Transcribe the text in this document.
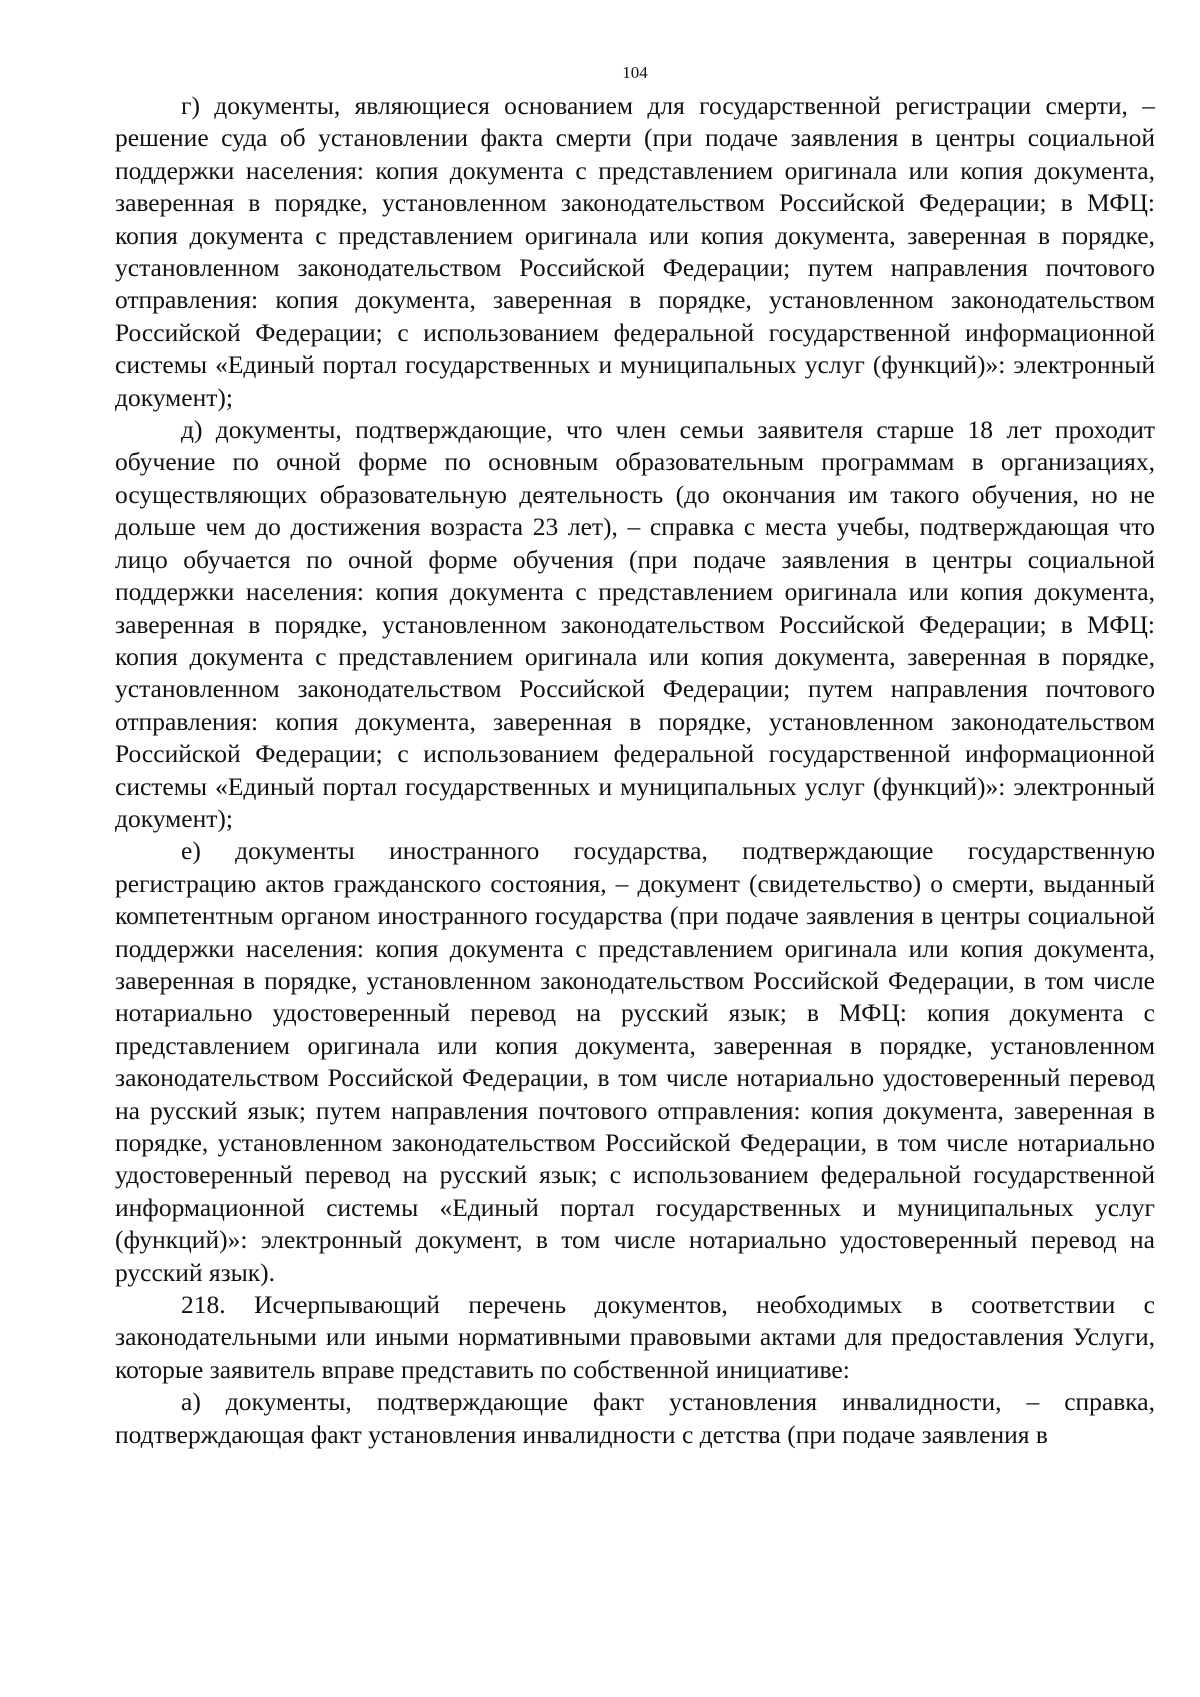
104

г) документы, являющиеся основанием для государственной регистрации смерти, – решение суда об установлении факта смерти (при подаче заявления в центры социальной поддержки населения: копия документа с представлением оригинала или копия документа, заверенная в порядке, установленном законодательством Российской Федерации; в МФЦ: копия документа с представлением оригинала или копия документа, заверенная в порядке, установленном законодательством Российской Федерации; путем направления почтового отправления: копия документа, заверенная в порядке, установленном законодательством Российской Федерации; с использованием федеральной государственной информационной системы «Единый портал государственных и муниципальных услуг (функций)»: электронный документ);

д) документы, подтверждающие, что член семьи заявителя старше 18 лет проходит обучение по очной форме по основным образовательным программам в организациях, осуществляющих образовательную деятельность (до окончания им такого обучения, но не дольше чем до достижения возраста 23 лет), – справка с места учебы, подтверждающая что лицо обучается по очной форме обучения (при подаче заявления в центры социальной поддержки населения: копия документа с представлением оригинала или копия документа, заверенная в порядке, установленном законодательством Российской Федерации; в МФЦ: копия документа с представлением оригинала или копия документа, заверенная в порядке, установленном законодательством Российской Федерации; путем направления почтового отправления: копия документа, заверенная в порядке, установленном законодательством Российской Федерации; с использованием федеральной государственной информационной системы «Единый портал государственных и муниципальных услуг (функций)»: электронный документ);

е) документы иностранного государства, подтверждающие государственную регистрацию актов гражданского состояния, – документ (свидетельство) о смерти, выданный компетентным органом иностранного государства (при подаче заявления в центры социальной поддержки населения: копия документа с представлением оригинала или копия документа, заверенная в порядке, установленном законодательством Российской Федерации, в том числе нотариально удостоверенный перевод на русский язык; в МФЦ: копия документа с представлением оригинала или копия документа, заверенная в порядке, установленном законодательством Российской Федерации, в том числе нотариально удостоверенный перевод на русский язык; путем направления почтового отправления: копия документа, заверенная в порядке, установленном законодательством Российской Федерации, в том числе нотариально удостоверенный перевод на русский язык; с использованием федеральной государственной информационной системы «Единый портал государственных и муниципальных услуг (функций)»: электронный документ, в том числе нотариально удостоверенный перевод на русский язык).

218. Исчерпывающий перечень документов, необходимых в соответствии с законодательными или иными нормативными правовыми актами для предоставления Услуги, которые заявитель вправе представить по собственной инициативе:

а) документы, подтверждающие факт установления инвалидности, – справка, подтверждающая факт установления инвалидности с детства (при подаче заявления в
